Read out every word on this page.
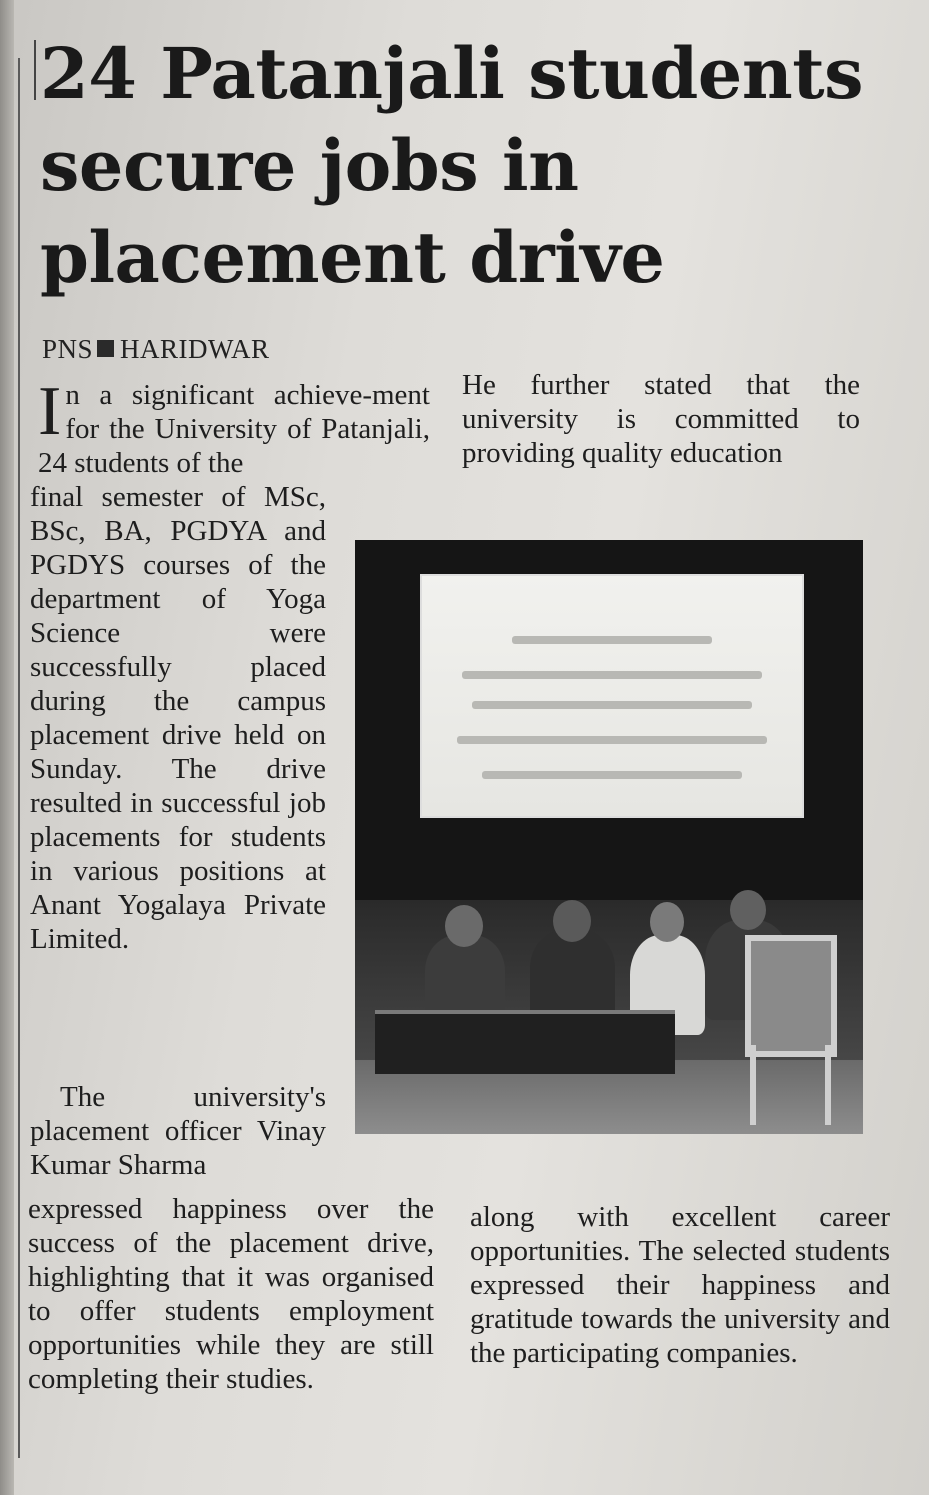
24 Patanjali students
secure jobs in
placement drive
PNS HARIDWAR

In a significant achieve-ment for the University of Patanjali, 24 students of the

final semester of MSc, BSc, BA, PGDYA and PGDYS courses of the department of Yoga Science were successfully placed during the campus placement drive held on Sunday. The drive resulted in successful job placements for students in various positions at Anant Yogalaya Private Limited.

The university's placement officer Vinay Kumar Sharma

expressed happiness over the success of the placement drive, highlighting that it was organised to offer students employment opportunities while they are still completing their studies.

He further stated that the university is committed to providing quality education

along with excellent career opportunities. The selected students expressed their happiness and gratitude towards the university and the participating companies.
